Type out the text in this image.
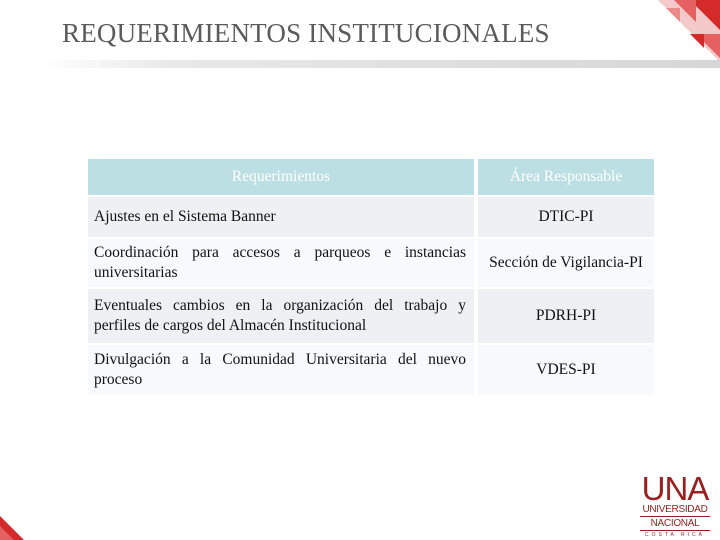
REQUERIMIENTOS INSTITUCIONALES
Requerimientos	Área Responsable
Ajustes en el Sistema Banner	DTIC-PI
Coordinación para accesos a parqueos e instancias universitarias	Sección de Vigilancia-PI
Eventuales cambios en la organización del trabajo y perfiles de cargos del Almacén Institucional	PDRH-PI
Divulgación a la Comunidad Universitaria del nuevo proceso	VDES-PI
UNA
UNIVERSIDAD
NACIONAL
COSTA RICA
